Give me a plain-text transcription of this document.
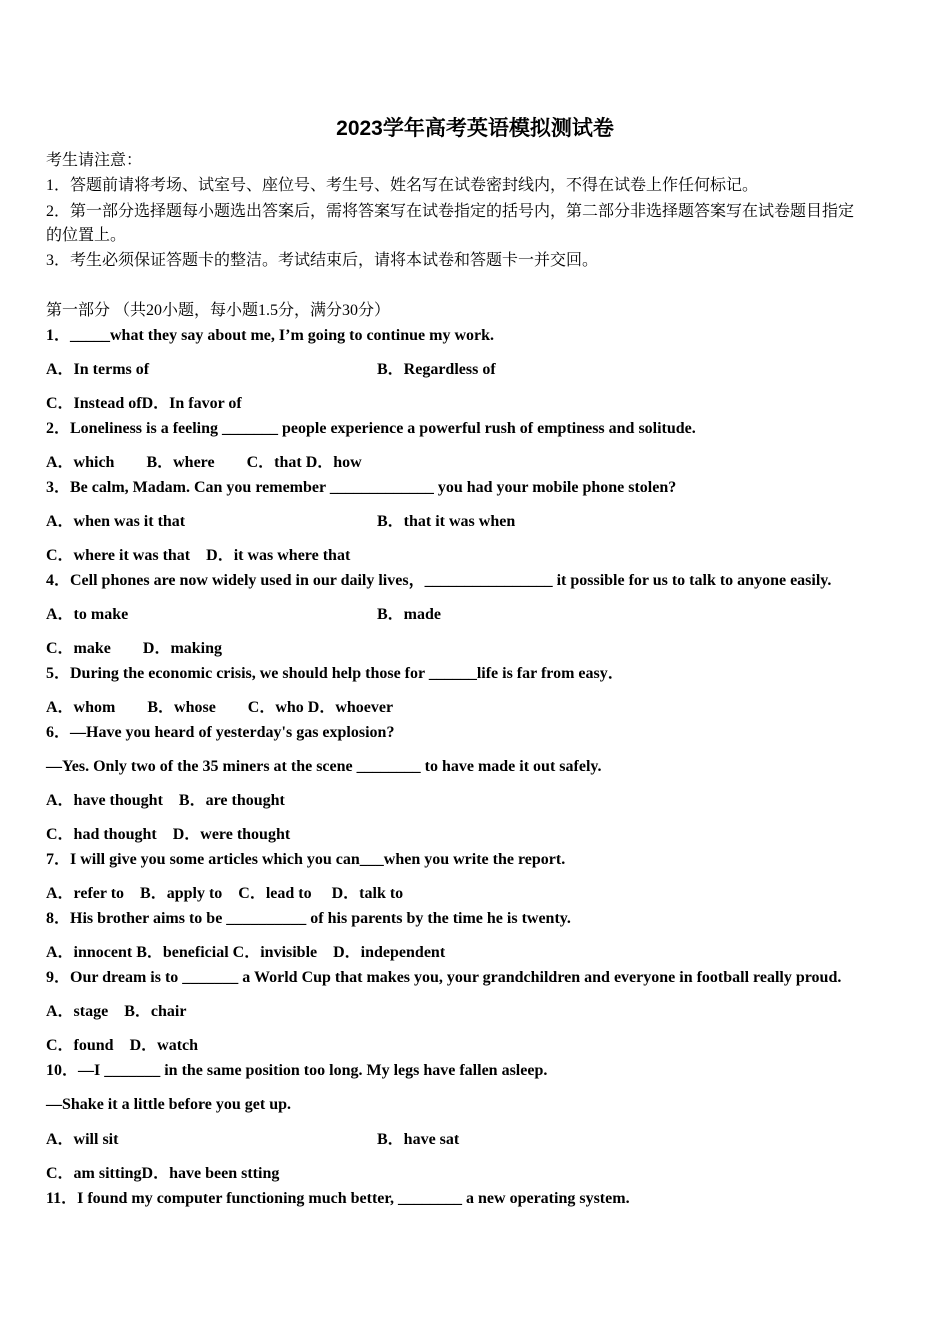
2023学年高考英语模拟测试卷
考生请注意：
1．答题前请将考场、试室号、座位号、考生号、姓名写在试卷密封线内，不得在试卷上作任何标记。
2．第一部分选择题每小题选出答案后，需将答案写在试卷指定的括号内，第二部分非选择题答案写在试卷题目指定
的位置上。
3．考生必须保证答题卡的整洁。考试结束后，请将本试卷和答题卡一并交回。
第一部分 （共20小题，每小题1.5分，满分30分）
1．_____what they say about me, I’m going to continue my work.
A．In terms of	B．Regardless of
C．Instead ofD．In favor of
2．Loneliness is a feeling _______ people experience a powerful rush of emptiness and solitude.
A．which　　B．where　　C．that D．how
3．Be calm, Madam. Can you remember _____________ you had your mobile phone stolen?
A．when was it that	B．that it was when
C．where it was that　D．it was where that
4．Cell phones are now widely used in our daily lives，________________ it possible for us to talk to anyone easily.
A．to make	B．made
C．make　　D．making
5．During the economic crisis, we should help those for ______life is far from easy．
A．whom　　B．whose　　C．who D．whoever
6．—Have you heard of yesterday's gas explosion?
—Yes. Only two of the 35 miners at the scene ________ to have made it out safely.
A．have thought　B．are thought
C．had thought　D．were thought
7．I will give you some articles which you can___when you write the report.
A．refer to　B．apply to　C．lead to　 D．talk to
8．His brother aims to be __________ of his parents by the time he is twenty.
A．innocent B．beneficial C．invisible　D．independent
9．Our dream is to _______ a World Cup that makes you, your grandchildren and everyone in football really proud.
A．stage　B．chair
C．found　D．watch
10．—I _______ in the same position too long. My legs have fallen asleep.
—Shake it a little before you get up.
A．will sit	B．have sat
C．am sittingD．have been stting
11．I found my computer functioning much better, ________ a new operating system.
